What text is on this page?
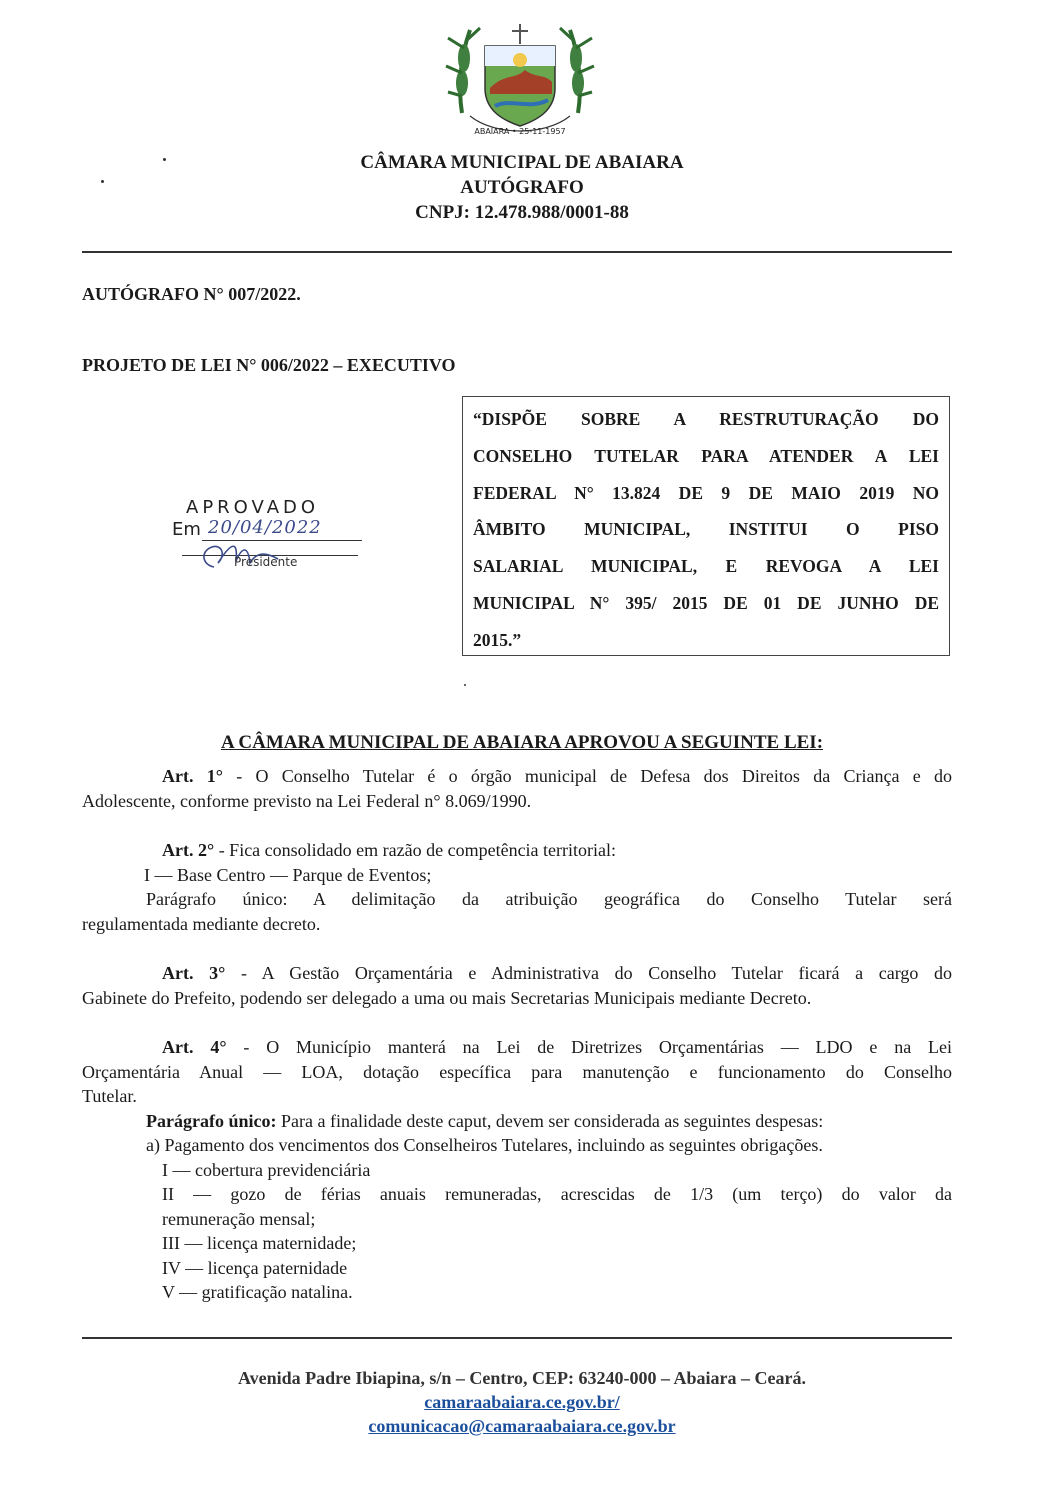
ABAIARA • 25-11-1957
CÂMARA MUNICIPAL DE ABAIARA
AUTÓGRAFO
CNPJ: 12.478.988/0001-88
AUTÓGRAFO N° 007/2022.
PROJETO DE LEI N° 006/2022 – EXECUTIVO
APROVADO
Em 20/04/2022
Presidente
“DISPÕE SOBRE A RESTRUTURAÇÃO DO
CONSELHO TUTELAR PARA ATENDER A LEI
FEDERAL N° 13.824 DE 9 DE MAIO 2019 NO
ÂMBITO MUNICIPAL, INSTITUI O PISO
SALARIAL MUNICIPAL, E REVOGA A LEI
MUNICIPAL N° 395/ 2015 DE 01 DE JUNHO DE
2015.”
A CÂMARA MUNICIPAL DE ABAIARA APROVOU A SEGUINTE LEI:
Art. 1° - O Conselho Tutelar é o órgão municipal de Defesa dos Direitos da Criança e do
Adolescente, conforme previsto na Lei Federal n° 8.069/1990.
Art. 2° - Fica consolidado em razão de competência territorial:
I — Base Centro — Parque de Eventos;
Parágrafo único: A delimitação da atribuição geográfica do Conselho Tutelar será
regulamentada mediante decreto.
Art. 3° - A Gestão Orçamentária e Administrativa do Conselho Tutelar ficará a cargo do
Gabinete do Prefeito, podendo ser delegado a uma ou mais Secretarias Municipais mediante Decreto.
Art. 4° - O Município manterá na Lei de Diretrizes Orçamentárias — LDO e na Lei
Orçamentária Anual — LOA, dotação específica para manutenção e funcionamento do Conselho
Tutelar.
Parágrafo único: Para a finalidade deste caput, devem ser considerada as seguintes despesas:
a) Pagamento dos vencimentos dos Conselheiros Tutelares, incluindo as seguintes obrigações.
I — cobertura previdenciária
II — gozo de férias anuais remuneradas, acrescidas de 1/3 (um terço) do valor da
remuneração mensal;
III — licença maternidade;
IV — licença paternidade
V — gratificação natalina.
Avenida Padre Ibiapina, s/n – Centro, CEP: 63240-000 – Abaiara – Ceará.
camaraabaiara.ce.gov.br/
comunicacao@camaraabaiara.ce.gov.br
